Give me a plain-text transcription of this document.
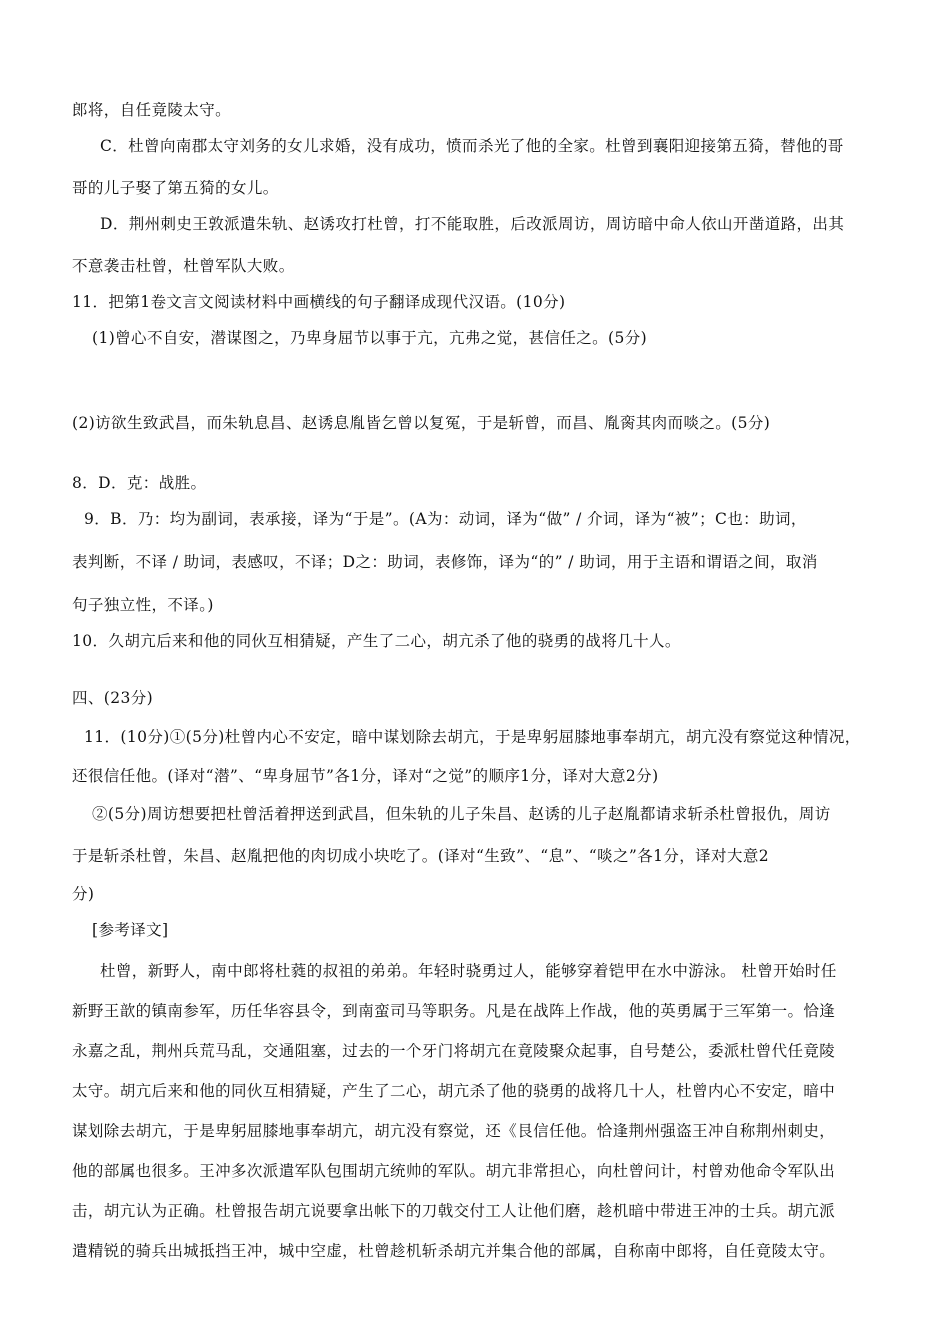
郎将，自任竟陵太守。
C．杜曾向南郡太守刘务的女儿求婚，没有成功，愤而杀光了他的全家。杜曾到襄阳迎接第五猗，替他的哥
哥的儿子娶了第五猗的女儿。
D．荆州刺史王敦派遣朱轨、赵诱攻打杜曾，打不能取胜，后改派周访，周访暗中命人依山开凿道路，出其
不意袭击杜曾，杜曾军队大败。
11．把第1卷文言文阅读材料中画横线的句子翻译成现代汉语。(10分)
(1)曾心不自安，潜谋图之，乃卑身屈节以事于亢，亢弗之觉，甚信任之。(5分)
(2)访欲生致武昌，而朱轨息昌、赵诱息胤皆乞曾以复冤，于是斩曾，而昌、胤脔其肉而啖之。(5分)
8．D．克：战胜。
9．B．乃：均为副词，表承接，译为“于是”。(A为：动词，译为“做” / 介词，译为“被”；C也：助词，
表判断，不译 / 助词，表感叹，不译；D之：助词，表修饰，译为“的” / 助词，用于主语和谓语之间，取消
句子独立性，不译。)
10．久胡亢后来和他的同伙互相猜疑，产生了二心，胡亢杀了他的骁勇的战将几十人。
四、(23分)
11．(10分)①(5分)杜曾内心不安定，暗中谋划除去胡亢，于是卑躬屈膝地事奉胡亢，胡亢没有察觉这种情况，
还很信任他。(译对“潜”、“卑身屈节”各1分，译对“之觉”的顺序1分，译对大意2分)
②(5分)周访想要把杜曾活着押送到武昌，但朱轨的儿子朱昌、赵诱的儿子赵胤都请求斩杀杜曾报仇，周访
于是斩杀杜曾，朱昌、赵胤把他的肉切成小块吃了。(译对“生致”、“息”、“啖之”各1分，译对大意2
分)
[参考译文]
杜曾，新野人，南中郎将杜蕤的叔祖的弟弟。年轻时骁勇过人，能够穿着铠甲在水中游泳。 杜曾开始时任
新野王歆的镇南参军，历任华容县令，到南蛮司马等职务。凡是在战阵上作战，他的英勇属于三军第一。恰逢
永嘉之乱，荆州兵荒马乱，交通阻塞，过去的一个牙门将胡亢在竟陵聚众起事，自号楚公，委派杜曾代任竟陵
太守。胡亢后来和他的同伙互相猜疑，产生了二心，胡亢杀了他的骁勇的战将几十人，杜曾内心不安定，暗中
谋划除去胡亢，于是卑躬屈膝地事奉胡亢，胡亢没有察觉，还《艮信任他。恰逢荆州强盗王冲自称荆州刺史，
他的部属也很多。王冲多次派遣军队包围胡亢统帅的军队。胡亢非常担心，向杜曾问计，村曾劝他命令军队出
击，胡亢认为正确。杜曾报告胡亢说要拿出帐下的刀戟交付工人让他们磨，趁机暗中带进王冲的士兵。胡亢派
遣精锐的骑兵出城抵挡王冲，城中空虚，杜曾趁机斩杀胡亢并集合他的部属，自称南中郎将，自任竟陵太守。
